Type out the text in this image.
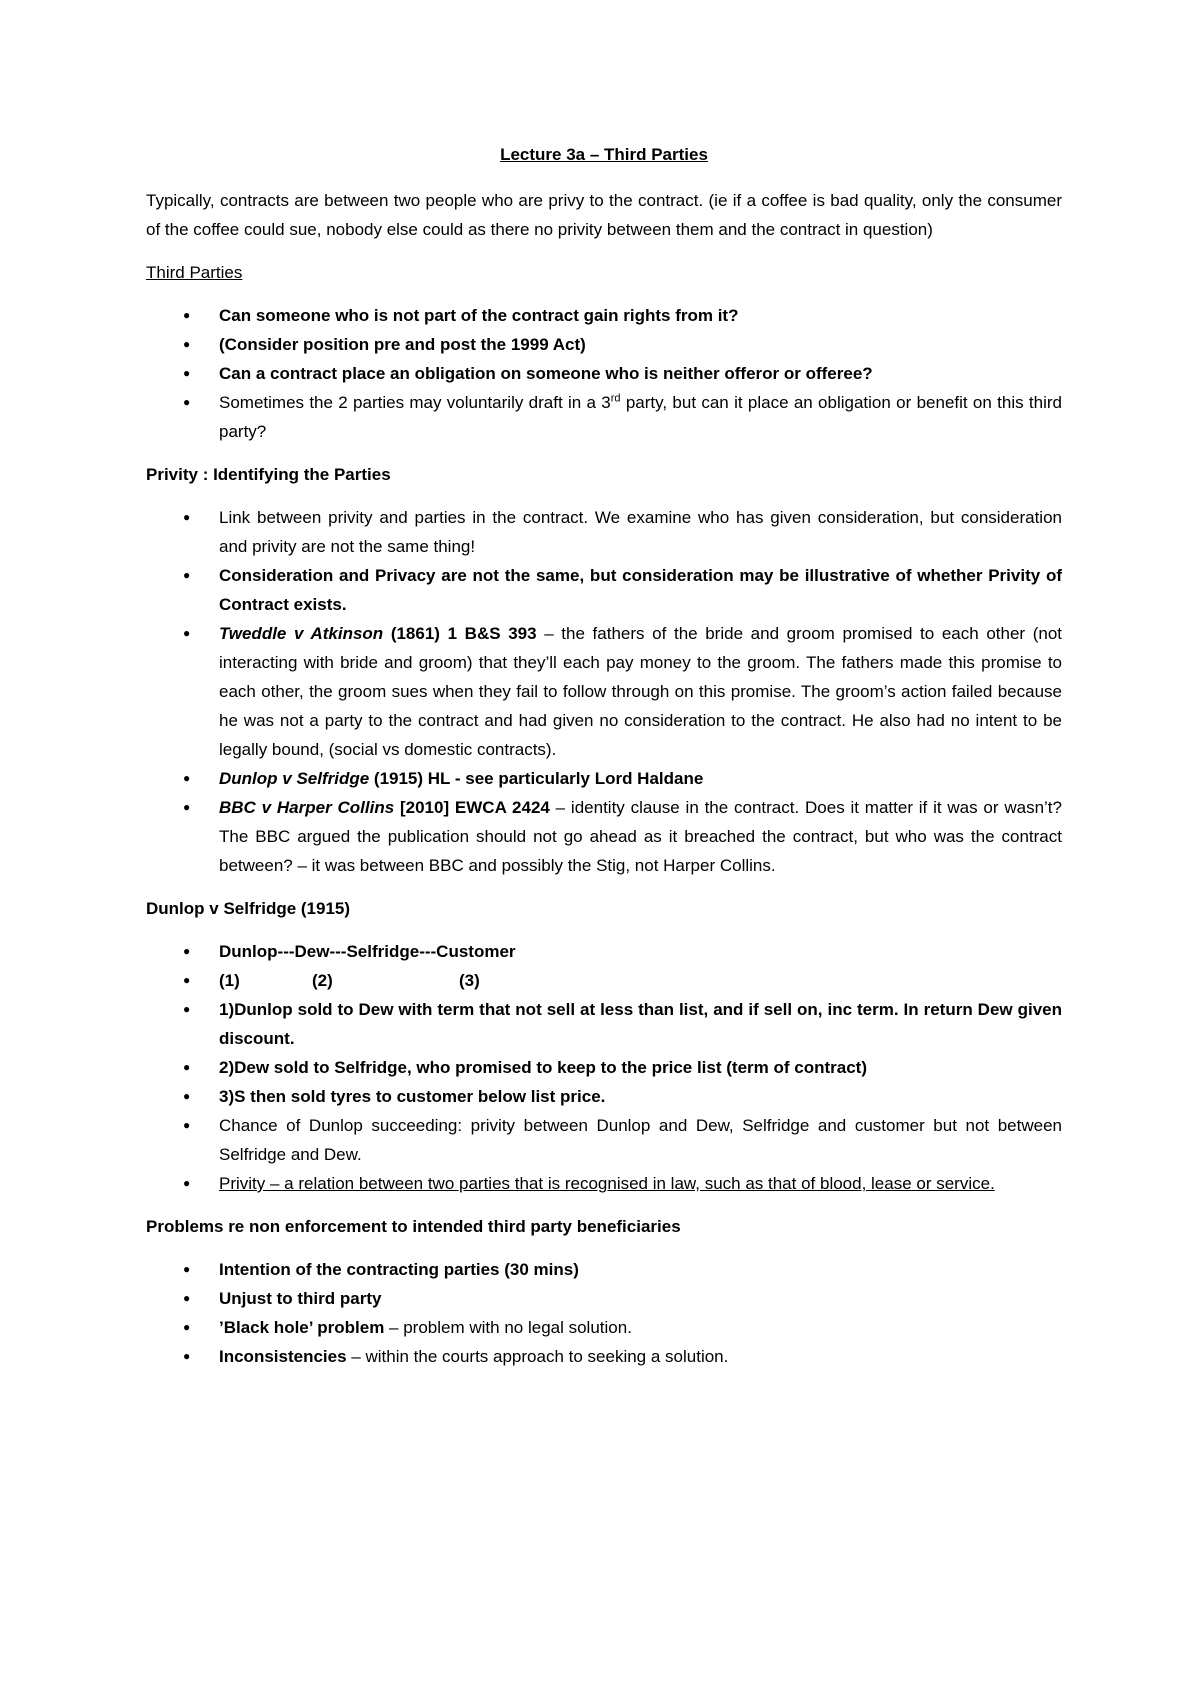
Lecture 3a – Third Parties

Typically, contracts are between two people who are privy to the contract. (ie if a coffee is bad quality, only the consumer of the coffee could sue, nobody else could as there no privity between them and the contract in question)

Third Parties

● Can someone who is not part of the contract gain rights from it?
● (Consider position pre and post the 1999 Act)
● Can a contract place an obligation on someone who is neither offeror or offeree?
● Sometimes the 2 parties may voluntarily draft in a 3rd party, but can it place an obligation or benefit on this third party?

Privity : Identifying the Parties

● Link between privity and parties in the contract. We examine who has given consideration, but consideration and privity are not the same thing!
● Consideration and Privacy are not the same, but consideration may be illustrative of whether Privity of Contract exists.
● Tweddle v Atkinson (1861) 1 B&S 393 – the fathers of the bride and groom promised to each other (not interacting with bride and groom) that they’ll each pay money to the groom. The fathers made this promise to each other, the groom sues when they fail to follow through on this promise. The groom’s action failed because he was not a party to the contract and had given no consideration to the contract. He also had no intent to be legally bound, (social vs domestic contracts).
● Dunlop v Selfridge (1915) HL - see particularly Lord Haldane
● BBC v Harper Collins [2010] EWCA 2424 – identity clause in the contract. Does it matter if it was or wasn’t? The BBC argued the publication should not go ahead as it breached the contract, but who was the contract between? – it was between BBC and possibly the Stig, not Harper Collins.

Dunlop v Selfridge (1915)

● Dunlop---Dew---Selfridge---Customer
● (1)	(2)	(3)
● 1)Dunlop sold to Dew with term that not sell at less than list, and if sell on, inc term. In return Dew given discount.
● 2)Dew sold to Selfridge, who promised to keep to the price list (term of contract)
● 3)S then sold tyres to customer below list price.
● Chance of Dunlop succeeding: privity between Dunlop and Dew, Selfridge and customer but not between Selfridge and Dew.
● Privity – a relation between two parties that is recognised in law, such as that of blood, lease or service.

Problems re non enforcement to intended third party beneficiaries

● Intention of the contracting parties (30 mins)
● Unjust to third party
● ’Black hole’ problem – problem with no legal solution.
● Inconsistencies – within the courts approach to seeking a solution.
